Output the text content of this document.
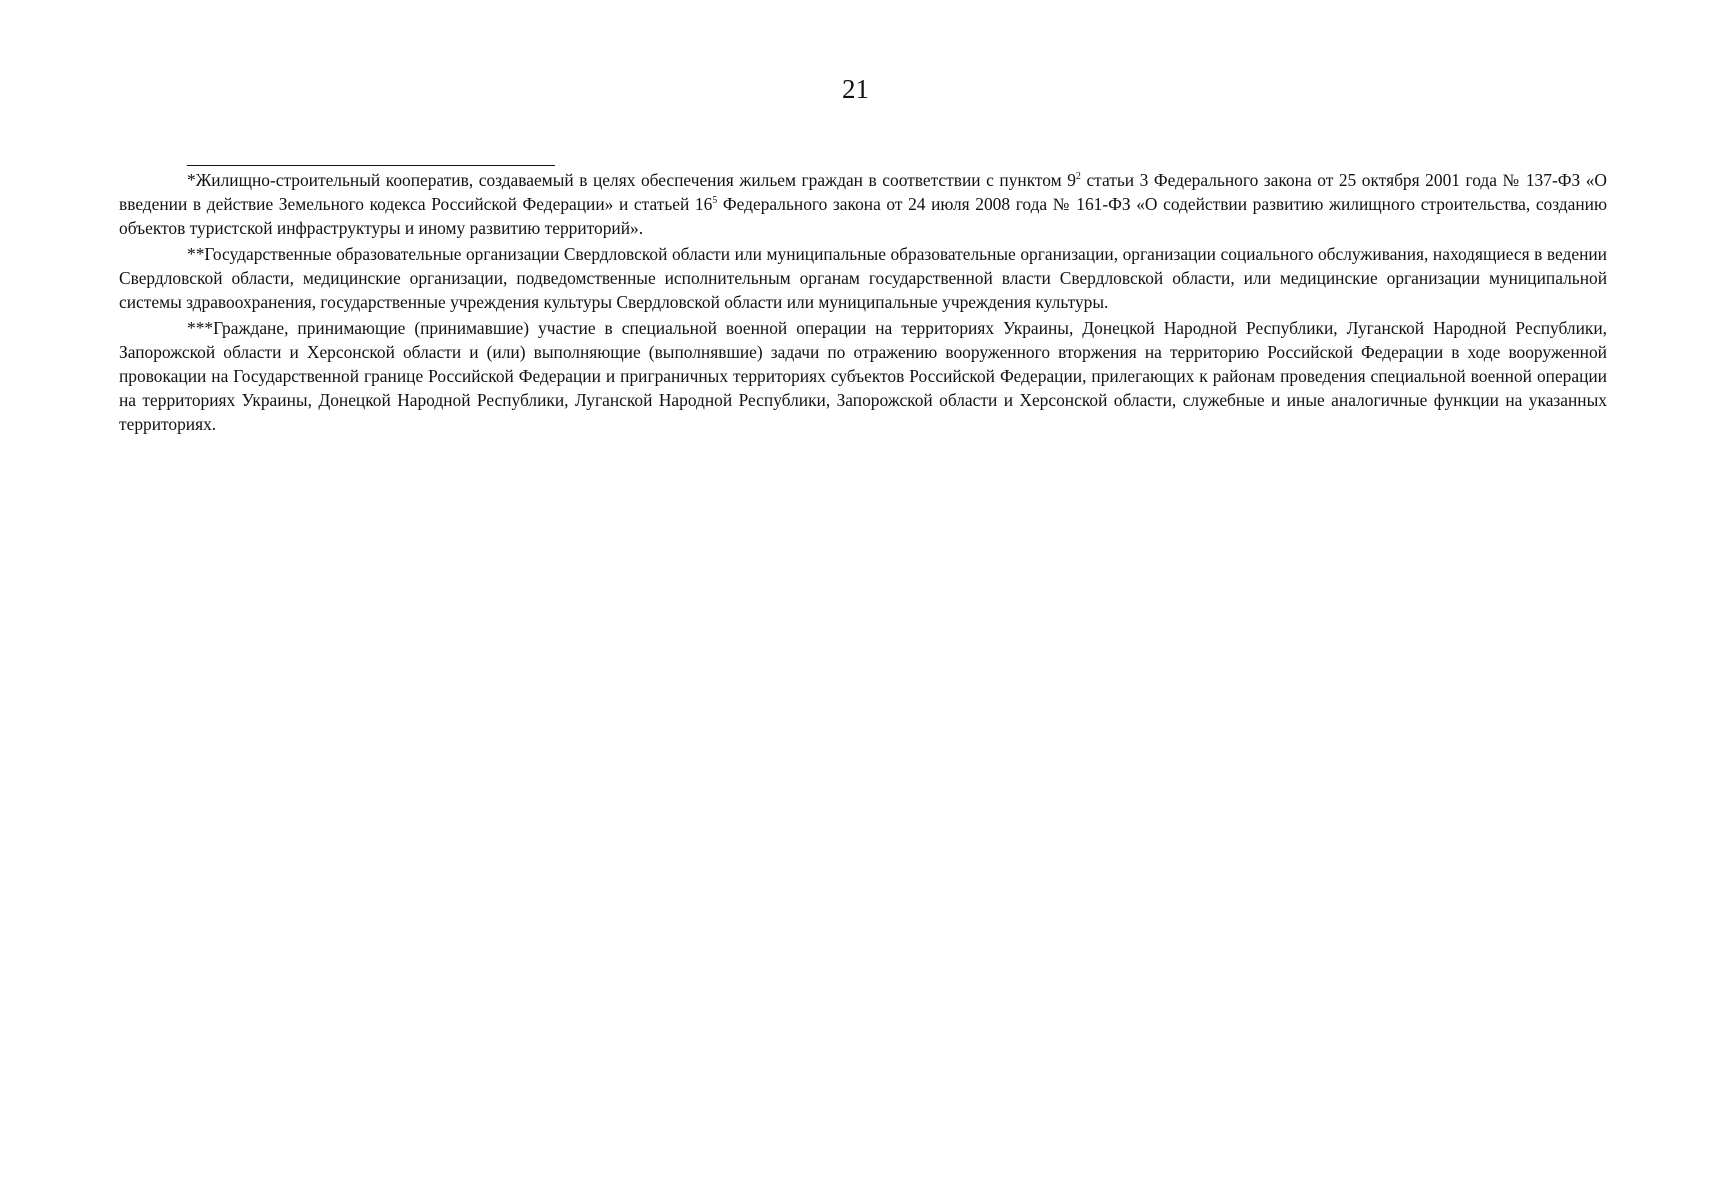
21

*Жилищно-строительный кооператив, создаваемый в целях обеспечения жильем граждан в соответствии с пунктом $9^2$ статьи 3 Федерального закона от 25 октября 2001 года № 137-ФЗ «О введении в действие Земельного кодекса Российской Федерации» и статьей $16^5$ Федерального закона от 24 июля 2008 года № 161-ФЗ «О содействии развитию жилищного строительства, созданию объектов туристской инфраструктуры и иному развитию территорий».

**Государственные образовательные организации Свердловской области или муниципальные образовательные организации, организации социального обслуживания, находящиеся в ведении Свердловской области, медицинские организации, подведомственные исполнительным органам государственной власти Свердловской области, или медицинские организации муниципальной системы здравоохранения, государственные учреждения культуры Свердловской области или муниципальные учреждения культуры.

***Граждане, принимающие (принимавшие) участие в специальной военной операции на территориях Украины, Донецкой Народной Республики, Луганской Народной Республики, Запорожской области и Херсонской области и (или) выполняющие (выполнявшие) задачи по отражению вооруженного вторжения на территорию Российской Федерации в ходе вооруженной провокации на Государственной границе Российской Федерации и приграничных территориях субъектов Российской Федерации, прилегающих к районам проведения специальной военной операции на территориях Украины, Донецкой Народной Республики, Луганской Народной Республики, Запорожской области и Херсонской области, служебные и иные аналогичные функции на указанных территориях.
